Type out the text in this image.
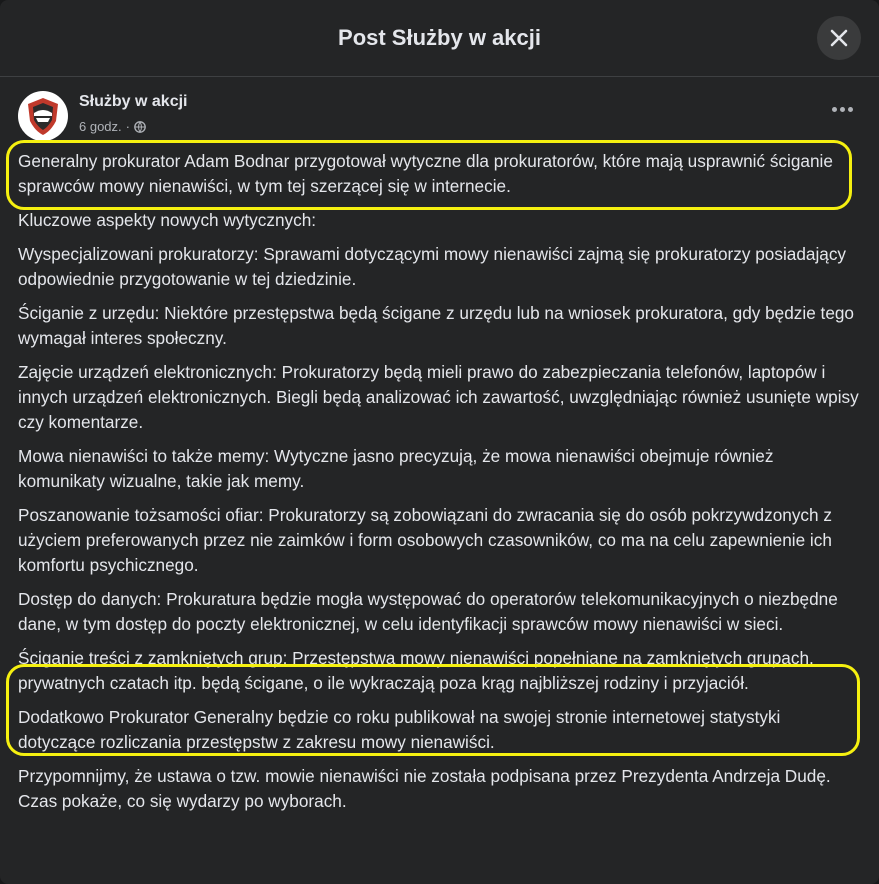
Post Służby w akcji
Służby w akcji
6 godz. ·

Generalny prokurator Adam Bodnar przygotował wytyczne dla prokuratorów, które mają usprawnić ściganie sprawców mowy nienawiści, w tym tej szerzącej się w internecie.

Kluczowe aspekty nowych wytycznych:

Wyspecjalizowani prokuratorzy: Sprawami dotyczącymi mowy nienawiści zajmą się prokuratorzy posiadający odpowiednie przygotowanie w tej dziedzinie.

Ściganie z urzędu: Niektóre przestępstwa będą ścigane z urzędu lub na wniosek prokuratora, gdy będzie tego wymagał interes społeczny.

Zajęcie urządzeń elektronicznych: Prokuratorzy będą mieli prawo do zabezpieczania telefonów, laptopów i innych urządzeń elektronicznych. Biegli będą analizować ich zawartość, uwzględniając również usunięte wpisy czy komentarze.

Mowa nienawiści to także memy: Wytyczne jasno precyzują, że mowa nienawiści obejmuje również komunikaty wizualne, takie jak memy.

Poszanowanie tożsamości ofiar: Prokuratorzy są zobowiązani do zwracania się do osób pokrzywdzonych z użyciem preferowanych przez nie zaimków i form osobowych czasowników, co ma na celu zapewnienie ich komfortu psychicznego.

Dostęp do danych: Prokuratura będzie mogła występować do operatorów telekomunikacyjnych o niezbędne dane, w tym dostęp do poczty elektronicznej, w celu identyfikacji sprawców mowy nienawiści w sieci.

Ściganie treści z zamkniętych grup: Przestępstwa mowy nienawiści popełniane na zamkniętych grupach, prywatnych czatach itp. będą ścigane, o ile wykraczają poza krąg najbliższej rodziny i przyjaciół.

Dodatkowo Prokurator Generalny będzie co roku publikował na swojej stronie internetowej statystyki dotyczące rozliczania przestępstw z zakresu mowy nienawiści.

Przypomnijmy, że ustawa o tzw. mowie nienawiści nie została podpisana przez Prezydenta Andrzeja Dudę. Czas pokaże, co się wydarzy po wyborach.
